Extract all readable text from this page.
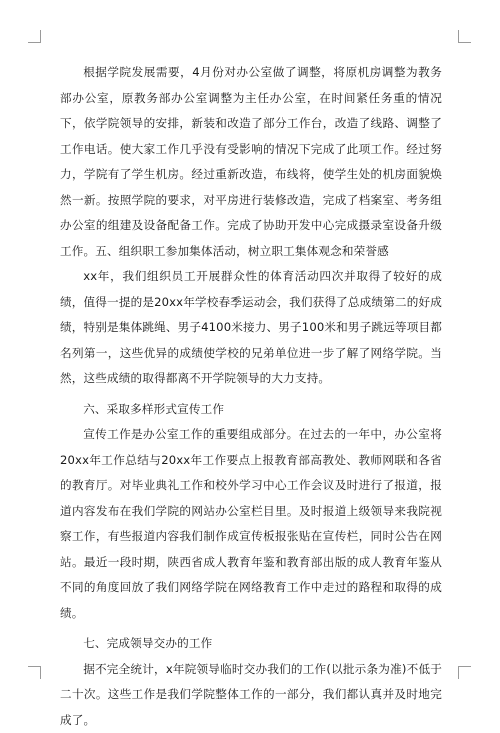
根据学院发展需要，4月份对办公室做了调整，将原机房调整为教务部办公室，原教务部办公室调整为主任办公室，在时间紧任务重的情况下，依学院领导的安排，新装和改造了部分工作台，改造了线路、调整了工作电话。使大家工作几乎没有受影响的情况下完成了此项工作。经过努力，学院有了学生机房。经过重新改造，布线将，使学生处的机房面貌焕然一新。按照学院的要求，对平房进行装修改造，完成了档案室、考务组办公室的组建及设备配备工作。完成了协助开发中心完成摄录室设备升级工作。五、组织职工参加集体活动，树立职工集体观念和荣誉感

xx年，我们组织员工开展群众性的体育活动四次并取得了较好的成绩，值得一提的是20xx年学校春季运动会，我们获得了总成绩第二的好成绩，特别是集体跳绳、男子4100米接力、男子100米和男子跳远等项目都名列第一，这些优异的成绩使学校的兄弟单位进一步了解了网络学院。当然，这些成绩的取得都离不开学院领导的大力支持。

六、采取多样形式宣传工作

宣传工作是办公室工作的重要组成部分。在过去的一年中，办公室将20xx年工作总结与20xx年工作要点上报教育部高教处、教师网联和各省的教育厅。对毕业典礼工作和校外学习中心工作会议及时进行了报道，报道内容发布在我们学院的网站办公室栏目里。及时报道上级领导来我院视察工作，有些报道内容我们制作成宣传板报张贴在宣传栏，同时公告在网站。最近一段时期，陕西省成人教育年鉴和教育部出版的成人教育年鉴从不同的角度回放了我们网络学院在网络教育工作中走过的路程和取得的成绩。

七、完成领导交办的工作

据不完全统计，x年院领导临时交办我们的工作(以批示条为准)不低于二十次。这些工作是我们学院整体工作的一部分，我们都认真并及时地完成了。
